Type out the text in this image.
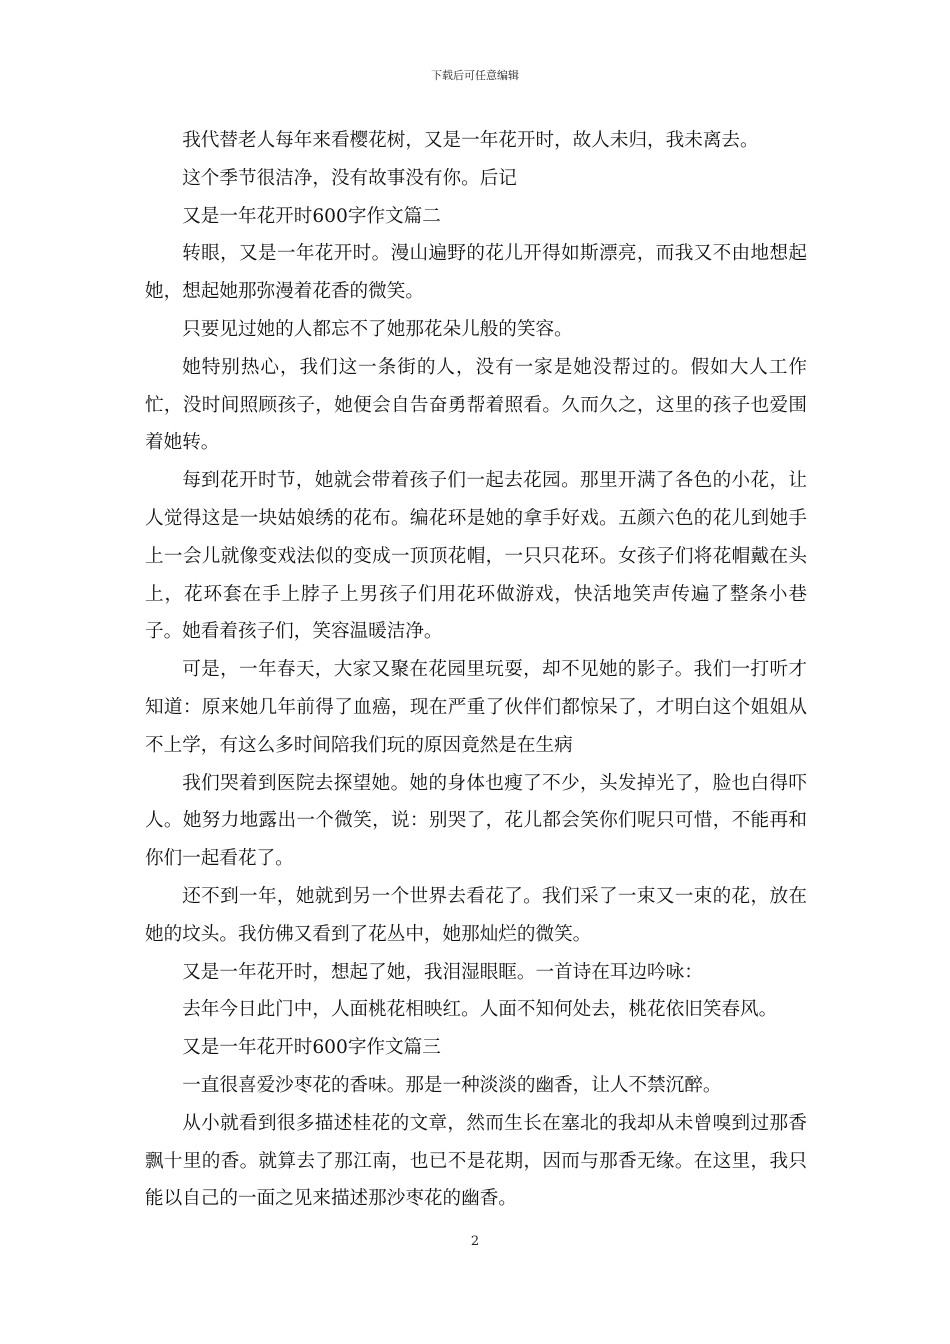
下载后可任意编辑

我代替老人每年来看樱花树，又是一年花开时，故人未归，我未离去。

这个季节很洁净，没有故事没有你。后记

又是一年花开时600字作文篇二

转眼，又是一年花开时。漫山遍野的花儿开得如斯漂亮，而我又不由地想起她，想起她那弥漫着花香的微笑。

只要见过她的人都忘不了她那花朵儿般的笑容。

她特别热心，我们这一条街的人，没有一家是她没帮过的。假如大人工作忙，没时间照顾孩子，她便会自告奋勇帮着照看。久而久之，这里的孩子也爱围着她转。

每到花开时节，她就会带着孩子们一起去花园。那里开满了各色的小花，让人觉得这是一块姑娘绣的花布。编花环是她的拿手好戏。五颜六色的花儿到她手上一会儿就像变戏法似的变成一顶顶花帽，一只只花环。女孩子们将花帽戴在头上，花环套在手上脖子上男孩子们用花环做游戏，快活地笑声传遍了整条小巷子。她看着孩子们，笑容温暖洁净。

可是，一年春天，大家又聚在花园里玩耍，却不见她的影子。我们一打听才知道：原来她几年前得了血癌，现在严重了伙伴们都惊呆了，才明白这个姐姐从不上学，有这么多时间陪我们玩的原因竟然是在生病

我们哭着到医院去探望她。她的身体也瘦了不少，头发掉光了，脸也白得吓人。她努力地露出一个微笑，说：别哭了，花儿都会笑你们呢只可惜，不能再和你们一起看花了。

还不到一年，她就到另一个世界去看花了。我们采了一束又一束的花，放在她的坟头。我仿佛又看到了花丛中，她那灿烂的微笑。

又是一年花开时，想起了她，我泪湿眼眶。一首诗在耳边吟咏：

去年今日此门中，人面桃花相映红。人面不知何处去，桃花依旧笑春风。

又是一年花开时600字作文篇三

一直很喜爱沙枣花的香味。那是一种淡淡的幽香，让人不禁沉醉。

从小就看到很多描述桂花的文章，然而生长在塞北的我却从未曾嗅到过那香飘十里的香。就算去了那江南，也已不是花期，因而与那香无缘。在这里，我只能以自己的一面之见来描述那沙枣花的幽香。

2
